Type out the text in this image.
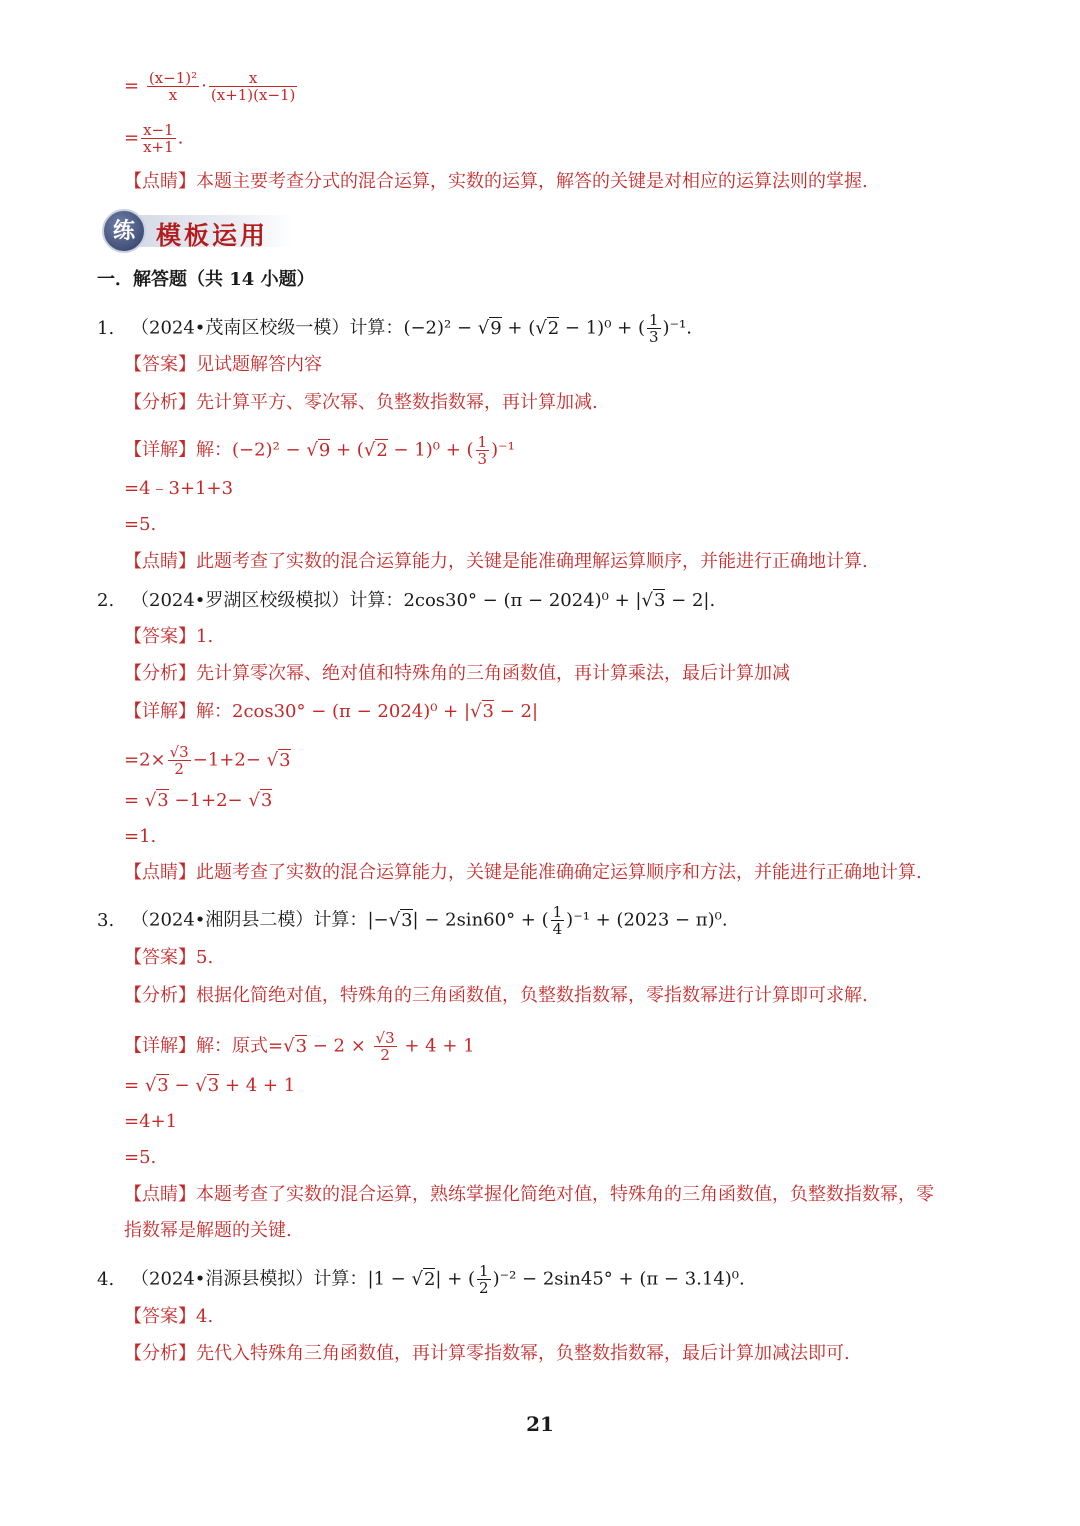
= $\frac{\text{(x−1)²}}{x} \cdot \frac{x}{(x+1)(x-1)}$
= $\frac{x-1}{x+1}$ .
【点睛】本题主要考查分式的混合运算，实数的运算，解答的关键是对相应的运算法则的掌握.
练 模板运用
一．解答题（共 14 小题）
1. （2024•茂南区校级一模）计算：(−2)² − √9 + (√2 − 1)⁰ + ( $\frac{1}{3} )^{-1}$.
【答案】见试题解答内容
【分析】先计算平方、零次幂、负整数指数幂，再计算加减.
【详解】解：(−2)² − √9 + (√2 − 1)⁰ + ( $\frac{1}{3} )^{-1}$
=4﹣3+1+3
=5.
【点睛】此题考查了实数的混合运算能力，关键是能准确理解运算顺序，并能进行正确地计算.
2. （2024•罗湖区校级模拟）计算：2cos30° − (π − 2024)⁰ + |√3 − 2|.
【答案】1.
【分析】先计算零次幂、绝对值和特殊角的三角函数值，再计算乘法，最后计算加减
【详解】解：2cos30° − (π − 2024)⁰ + |√3 − 2|
$=2\times \frac{√3}{2} -1+2- √3$
= √3 −1+2− √3
=1.
【点睛】此题考查了实数的混合运算能力，关键是能准确确定运算顺序和方法，并能进行正确地计算.
3. （2024•湘阴县二模）计算：|−√3| − 2sin60° + ( $\frac{1}{4} )^{-1} + (2023 - \pi)^0$.
【答案】5.
【分析】根据化简绝对值，特殊角的三角函数值，负整数指数幂，零指数幂进行计算即可求解.
【详解】解：原式$=√3 - 2 \times \frac{√3}{2} + 4 + 1$
= √3 − √3 + 4 + 1
=4+1
=5.
【点睛】本题考查了实数的混合运算，熟练掌握化简绝对值，特殊角的三角函数值，负整数指数幂，零
指数幂是解题的关键.
4. （2024•涓源县模拟）计算：|1 − √2| + ( $\frac{1}{2} )^{-2} - 2\sin 45^\circ + (\pi - 3.14)^0$.
【答案】4.
【分析】先代入特殊角三角函数值，再计算零指数幂，负整数指数幂，最后计算加减法即可.
21
